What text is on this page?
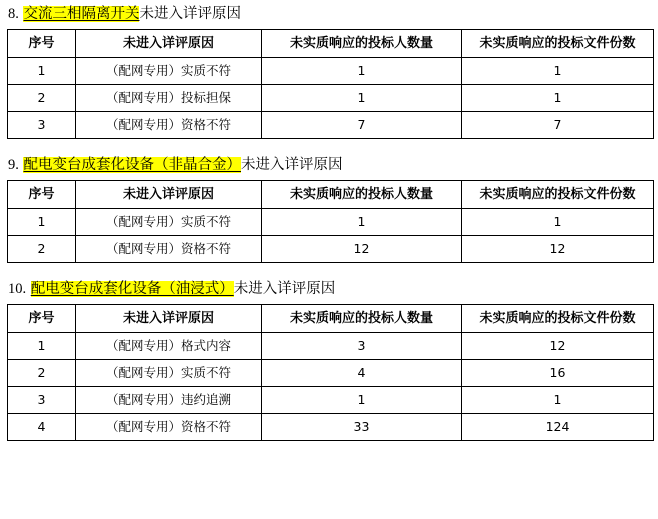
8. 交流三相隔离开关未进入详评原因
序号	未进入详评原因	未实质响应的投标人数量	未实质响应的投标文件份数
1	（配网专用）实质不符	1	1
2	（配网专用）投标担保	1	1
3	（配网专用）资格不符	7	7
9. 配电变台成套化设备（非晶合金）未进入详评原因
序号	未进入详评原因	未实质响应的投标人数量	未实质响应的投标文件份数
1	（配网专用）实质不符	1	1
2	（配网专用）资格不符	12	12
10. 配电变台成套化设备（油浸式）未进入详评原因
序号	未进入详评原因	未实质响应的投标人数量	未实质响应的投标文件份数
1	（配网专用）格式内容	3	12
2	（配网专用）实质不符	4	16
3	（配网专用）违约追溯	1	1
4	（配网专用）资格不符	33	124
